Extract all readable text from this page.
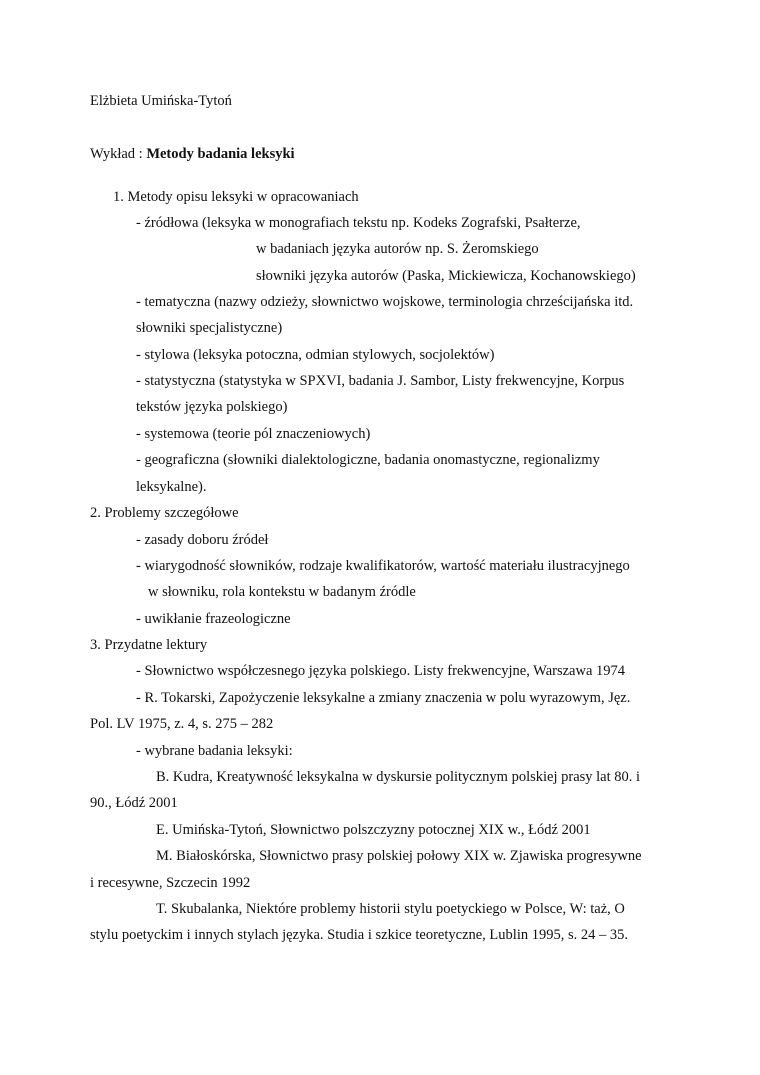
Elżbieta Umińska-Tytoń
Wykład : Metody badania leksyki
1. Metody opisu leksyki w opracowaniach
- źródłowa (leksyka w monografiach tekstu np. Kodeks Zografski, Psałterze,
w badaniach języka autorów np. S. Żeromskiego
słowniki języka autorów (Paska, Mickiewicza, Kochanowskiego)
- tematyczna (nazwy odzieży, słownictwo wojskowe, terminologia chrześcijańska itd.
słowniki specjalistyczne)
- stylowa (leksyka potoczna, odmian stylowych, socjolektów)
- statystyczna (statystyka w SPXVI, badania J. Sambor, Listy frekwencyjne, Korpus
tekstów języka polskiego)
- systemowa (teorie pól znaczeniowych)
- geograficzna (słowniki dialektologiczne, badania onomastyczne, regionalizmy
leksykalne).
2. Problemy szczegółowe
- zasady doboru źródeł
- wiarygodność słowników, rodzaje kwalifikatorów, wartość materiału ilustracyjnego
w słowniku, rola kontekstu w badanym źródle
- uwikłanie frazeologiczne
3. Przydatne lektury
- Słownictwo współczesnego języka polskiego. Listy frekwencyjne, Warszawa 1974
- R. Tokarski, Zapożyczenie leksykalne a zmiany znaczenia w polu wyrazowym, Jęz.
Pol. LV 1975, z. 4, s. 275 – 282
- wybrane badania leksyki:
B. Kudra, Kreatywność leksykalna w dyskursie politycznym polskiej prasy lat 80. i
90., Łódź 2001
E. Umińska-Tytoń, Słownictwo polszczyzny potocznej XIX w., Łódź 2001
M. Białoskórska, Słownictwo prasy polskiej połowy XIX w. Zjawiska progresywne
i recesywne, Szczecin 1992
T. Skubalanka, Niektóre problemy historii stylu poetyckiego w Polsce, W: taż, O
stylu poetyckim i innych stylach języka. Studia i szkice teoretyczne, Lublin 1995, s. 24 – 35.
